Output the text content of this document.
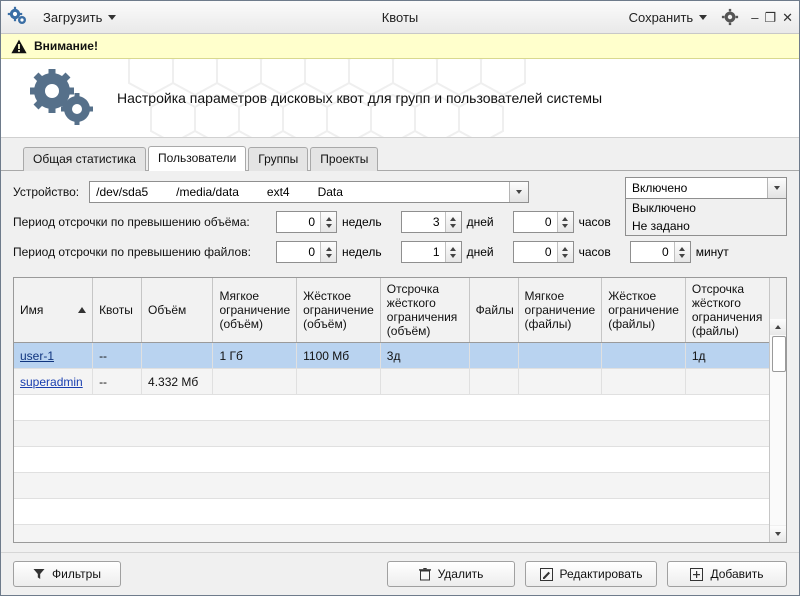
Загрузить	Квоты	Сохранить	‒ ❐ ✕
Внимание!
Настройка параметров дисковых квот для групп и пользователей системы
Общая статистика	Пользователи	Группы	Проекты
Устройство: /dev/sda5 /media/data ext4 Data
Период отсрочки по превышению объёма:
0	недель
3	дней
0	часов
Период отсрочки по превышению файлов:
0	недель
1	дней
0	часов
0	минут
Включено
Выключено
Не задано
Имя	Квоты	Объём	Мягкое ограничение (объём)	Жёсткое ограничение (объём)	Отсрочка жёсткого ограничения (объём)	Файлы	Мягкое ограничение (файлы)	Жёсткое ограничение (файлы)	Отсрочка жёсткого ограничения (файлы)
user-1	--		1 Гб	1100 Мб	3д				1д
superadmin	--	4.332 Мб							

Фильтры	Удалить	Редактировать	Добавить
